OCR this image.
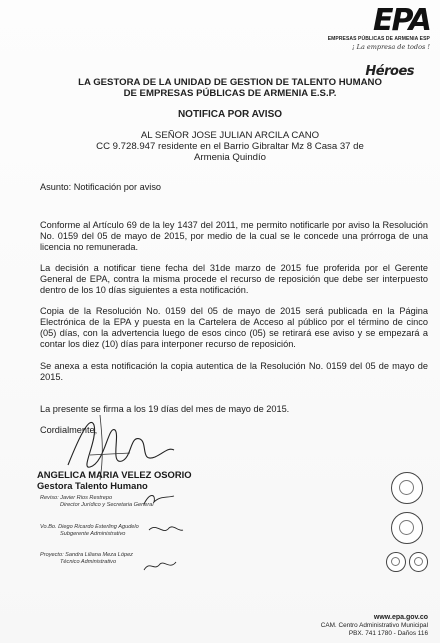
EPA
EMPRESAS PÚBLICAS DE ARMENIA ESP
¡ La empresa de todos !
Héroes
LA GESTORA DE LA UNIDAD DE GESTION DE TALENTO HUMANO
DE EMPRESAS PÚBLICAS DE ARMENIA E.S.P.
NOTIFICA POR AVISO
AL SEÑOR JOSE JULIAN ARCILA CANO
CC 9.728.947 residente en el Barrio Gibraltar Mz 8 Casa 37 de
Armenia Quindío
Asunto: Notificación por aviso
Conforme al Artículo 69 de la ley 1437 del 2011, me permito notificarle por aviso la Resolución No. 0159 del 05 de mayo de 2015, por medio de la cual se le concede una prórroga de una licencia no remunerada.
La decisión a notificar tiene fecha del 31de marzo de 2015 fue proferida por el Gerente General de EPA, contra la misma procede el recurso de reposición que debe ser interpuesto dentro de los 10 días siguientes a esta notificación.
Copia de la Resolución No. 0159 del 05 de mayo de 2015 será publicada en la Página Electrónica de la EPA y puesta en la Cartelera de Acceso al público por el término de cinco (05) días, con la advertencia luego de esos cinco (05) se retirará ese aviso y se empezará a contar los diez (10) días para interponer recurso de reposición.
Se anexa a esta notificación la copia autentica de la Resolución No. 0159 del 05 de mayo de 2015.
La presente se firma a los 19 días del mes de mayo de 2015.
Cordialmente,
ANGELICA MARIA VELEZ OSORIO
Gestora Talento Humano
Reviso: Javier Rios Restrepo
Director Jurídico y Secretaria General
Vo.Bo. Diego Ricardo Esterling Agudelo
Subgerente Administrativo
Proyecto: Sandra Liliana Meza López
Técnico Administrativo
www.epa.gov.co
CAM. Centro Administrativo Municipal
PBX. 741 1780 - Daños 116
